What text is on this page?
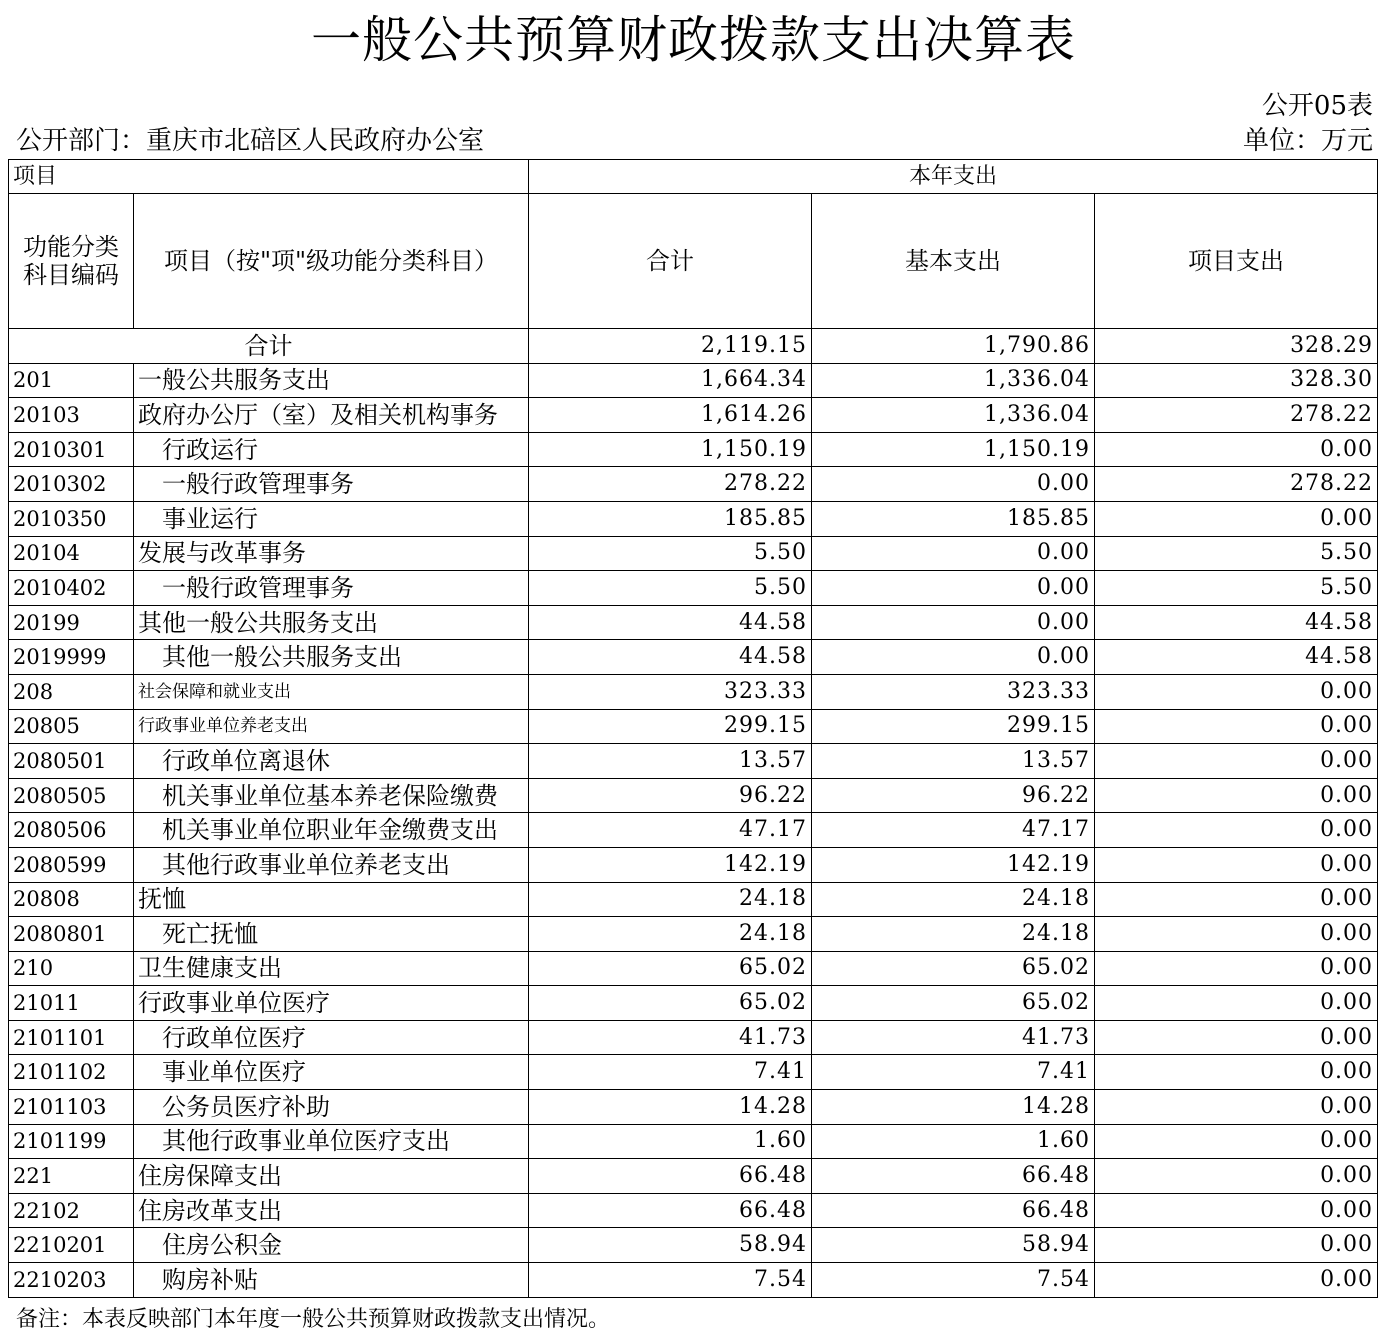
一般公共预算财政拨款支出决算表
公开05表
公开部门：重庆市北碚区人民政府办公室	单位：万元
项目		本年支出		
功能分类科目编码	项目（按"项"级功能分类科目）	合计	基本支出	项目支出
合计		2,119.15	1,790.86	328.29
201	一般公共服务支出	1,664.34	1,336.04	328.30
20103	政府办公厅（室）及相关机构事务	1,614.26	1,336.04	278.22
2010301	行政运行	1,150.19	1,150.19	0.00
2010302	一般行政管理事务	278.22	0.00	278.22
2010350	事业运行	185.85	185.85	0.00
20104	发展与改革事务	5.50	0.00	5.50
2010402	一般行政管理事务	5.50	0.00	5.50
20199	其他一般公共服务支出	44.58	0.00	44.58
2019999	其他一般公共服务支出	44.58	0.00	44.58
208	社会保障和就业支出	323.33	323.33	0.00
20805	行政事业单位养老支出	299.15	299.15	0.00
2080501	行政单位离退休	13.57	13.57	0.00
2080505	机关事业单位基本养老保险缴费	96.22	96.22	0.00
2080506	机关事业单位职业年金缴费支出	47.17	47.17	0.00
2080599	其他行政事业单位养老支出	142.19	142.19	0.00
20808	抚恤	24.18	24.18	0.00
2080801	死亡抚恤	24.18	24.18	0.00
210	卫生健康支出	65.02	65.02	0.00
21011	行政事业单位医疗	65.02	65.02	0.00
2101101	行政单位医疗	41.73	41.73	0.00
2101102	事业单位医疗	7.41	7.41	0.00
2101103	公务员医疗补助	14.28	14.28	0.00
2101199	其他行政事业单位医疗支出	1.60	1.60	0.00
221	住房保障支出	66.48	66.48	0.00
22102	住房改革支出	66.48	66.48	0.00
2210201	住房公积金	58.94	58.94	0.00
2210203	购房补贴	7.54	7.54	0.00
备注：本表反映部门本年度一般公共预算财政拨款支出情况。
